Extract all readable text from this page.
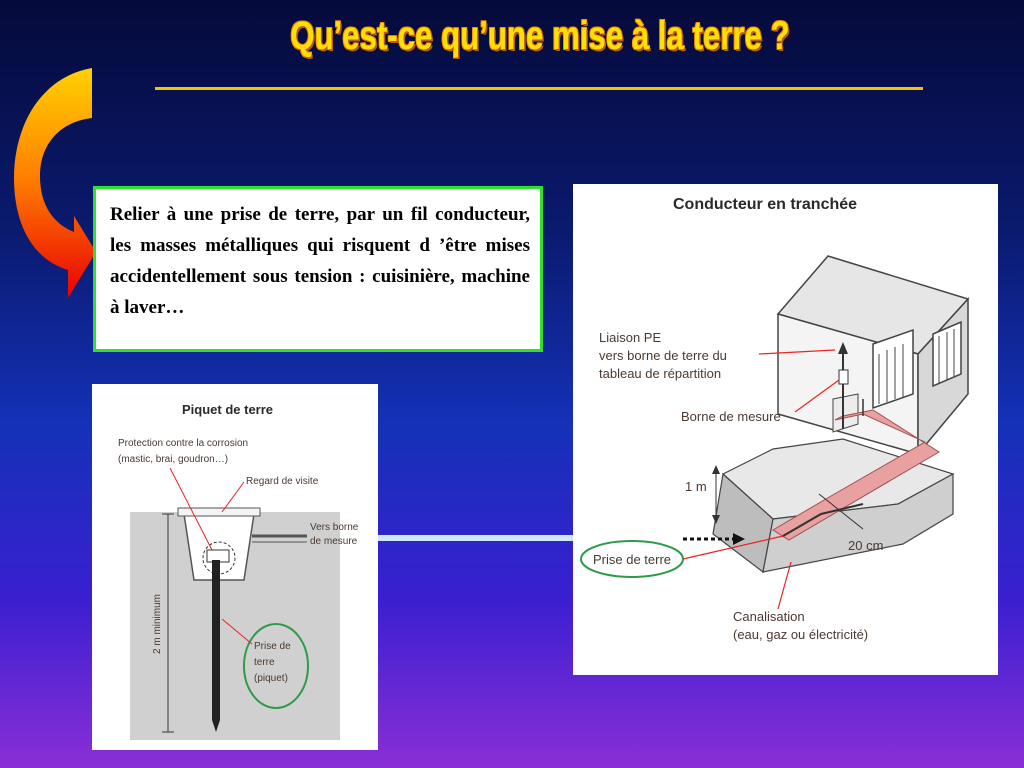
Qu’est-ce qu’une mise à la terre ?

Relier à une prise de terre, par un fil conducteur, les masses métalliques qui risquent d ’être mises accidentellement sous tension : cuisinière, machine à laver…

Conducteur en tranchée
Liaison PE
vers borne de terre du
tableau de répartition
Borne de mesure
1 m
20 cm
Prise de terre
Canalisation
(eau, gaz ou électricité)
Piquet de terre
Protection contre la corrosion
(mastic, brai, goudron…)
Regard de visite
Vers borne
de mesure
2 m minimum	Prise de
terre
(piquet)
